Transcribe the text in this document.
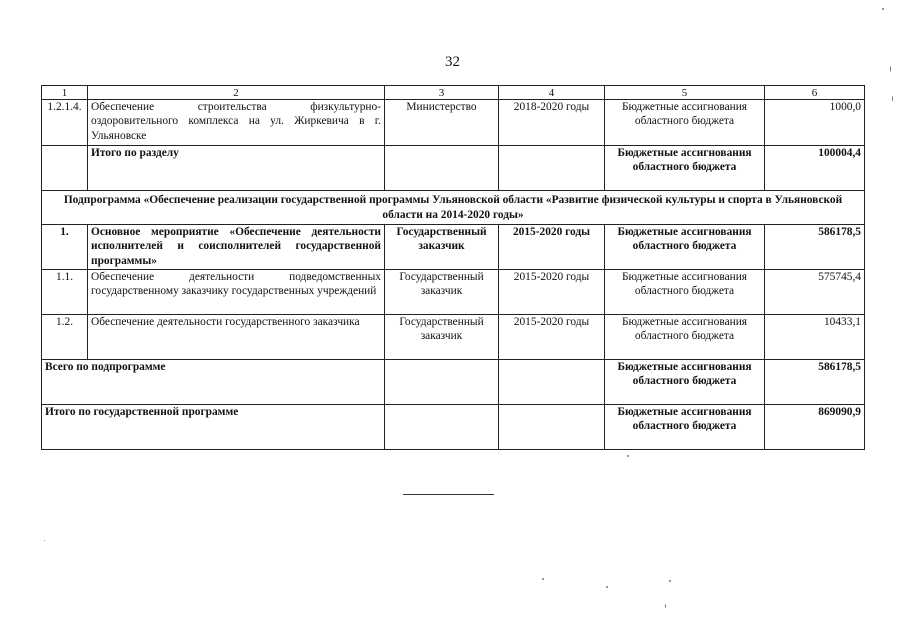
32
1	2	3	4	5	6
1.2.1.4.	Обеспечение строительства физкультурно-оздоровительного комплекса на ул. Жиркевича в г. Ульяновске	Министерство	2018-2020 годы	Бюджетные ассигнования областного бюджета	1000,0
	Итого по разделу			Бюджетные ассигнования областного бюджета	100004,4
Подпрограмма «Обеспечение реализации государственной программы Ульяновской области «Развитие физической культуры и спорта в Ульяновской области на 2014-2020 годы»					
1.	Основное мероприятие «Обеспечение деятельности исполнителей и соисполнителей государственной программы»	Государственный заказчик	2015-2020 годы	Бюджетные ассигнования областного бюджета	586178,5
1.1.	Обеспечение деятельности подведомственных государственному заказчику государственных учреждений	Государственный заказчик	2015-2020 годы	Бюджетные ассигнования областного бюджета	575745,4
1.2.	Обеспечение деятельности государственного заказчика	Государственный заказчик	2015-2020 годы	Бюджетные ассигнования областного бюджета	10433,1
Всего по подпрограмме				Бюджетные ассигнования областного бюджета	586178,5
Итого по государственной программе				Бюджетные ассигнования областного бюджета	869090,9
